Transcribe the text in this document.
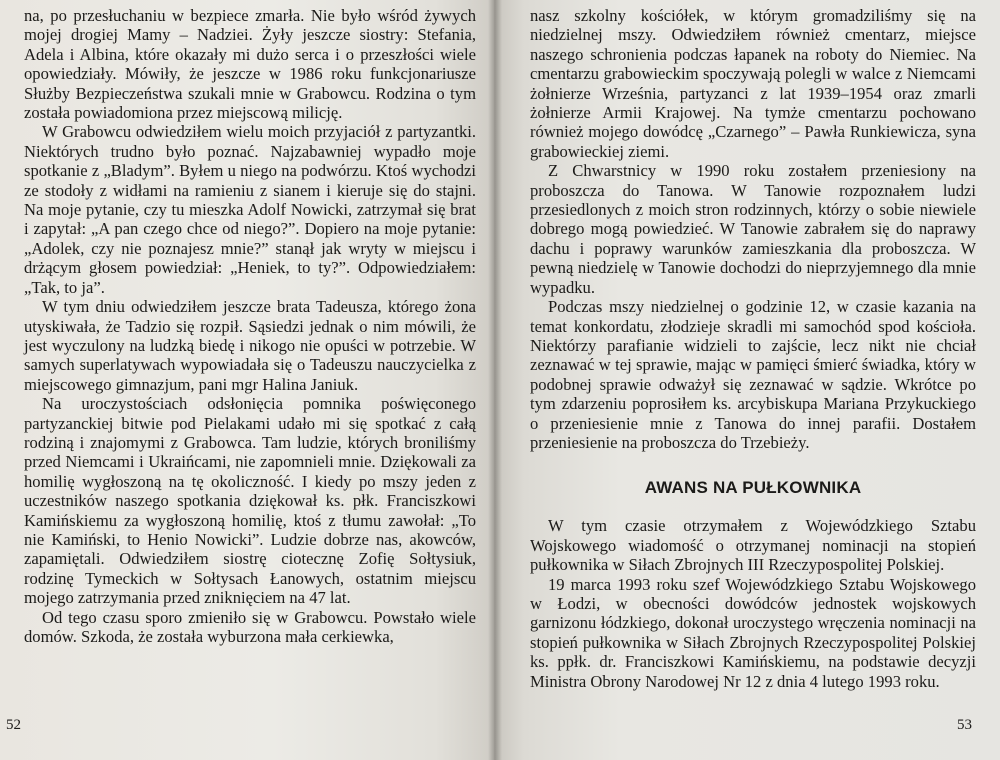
na, po przesłuchaniu w bezpiece zmarła. Nie było wśród żywych mojej drogiej Mamy – Nadziei. Żyły jeszcze siostry: Stefania, Adela i Albina, które okazały mi dużo serca i o przeszłości wiele opowiedziały. Mówiły, że jeszcze w 1986 roku funkcjonariusze Służby Bezpieczeństwa szukali mnie w Grabowcu. Rodzina o tym została powiadomiona przez miejscową milicję.

W Grabowcu odwiedziłem wielu moich przyjaciół z partyzantki. Niektórych trudno było poznać. Najzabawniej wypadło moje spotkanie z „Bladym”. Byłem u niego na podwórzu. Ktoś wychodzi ze stodoły z widłami na ramieniu z sianem i kieruje się do stajni. Na moje pytanie, czy tu mieszka Adolf Nowicki, zatrzymał się brat i zapytał: „A pan czego chce od niego?”. Dopiero na moje pytanie: „Adolek, czy nie poznajesz mnie?” stanął jak wryty w miejscu i drżącym głosem powiedział: „Heniek, to ty?”. Odpowiedziałem: „Tak, to ja”.

W tym dniu odwiedziłem jeszcze brata Tadeusza, którego żona utyskiwała, że Tadzio się rozpił. Sąsiedzi jednak o nim mówili, że jest wyczulony na ludzką biedę i nikogo nie opuści w potrzebie. W samych superlatywach wypowiadała się o Tadeuszu nauczycielka z miejscowego gimnazjum, pani mgr Halina Janiuk.

Na uroczystościach odsłonięcia pomnika poświęconego partyzanckiej bitwie pod Pielakami udało mi się spotkać z całą rodziną i znajomymi z Grabowca. Tam ludzie, których broniliśmy przed Niemcami i Ukraińcami, nie zapomnieli mnie. Dziękowali za homilię wygłoszoną na tę okoliczność. I kiedy po mszy jeden z uczestników naszego spotkania dziękował ks. płk. Franciszkowi Kamińskiemu za wygłoszoną homilię, ktoś z tłumu zawołał: „To nie Kamiński, to Henio Nowicki”. Ludzie dobrze nas, akowców, zapamiętali. Odwiedziłem siostrę ciotecznę Zofię Sołtysiuk, rodzinę Tymeckich w Sołtysach Łanowych, ostatnim miejscu mojego zatrzymania przed zniknięciem na 47 lat.

Od tego czasu sporo zmieniło się w Grabowcu. Powstało wiele domów. Szkoda, że została wyburzona mała cerkiewka,

52

nasz szkolny kościółek, w którym gromadziliśmy się na niedzielnej mszy. Odwiedziłem również cmentarz, miejsce naszego schronienia podczas łapanek na roboty do Niemiec. Na cmentarzu grabowieckim spoczywają polegli w walce z Niemcami żołnierze Września, partyzanci z lat 1939–1954 oraz zmarli żołnierze Armii Krajowej. Na tymże cmentarzu pochowano również mojego dowódcę „Czarnego” – Pawła Runkiewicza, syna grabowieckiej ziemi.

Z Chwarstnicy w 1990 roku zostałem przeniesiony na proboszcza do Tanowa. W Tanowie rozpoznałem ludzi przesiedlonych z moich stron rodzinnych, którzy o sobie niewiele dobrego mogą powiedzieć. W Tanowie zabrałem się do naprawy dachu i poprawy warunków zamieszkania dla proboszcza. W pewną niedzielę w Tanowie dochodzi do nieprzyjemnego dla mnie wypadku.

Podczas mszy niedzielnej o godzinie 12, w czasie kazania na temat konkordatu, złodzieje skradli mi samochód spod kościoła. Niektórzy parafianie widzieli to zajście, lecz nikt nie chciał zeznawać w tej sprawie, mając w pamięci śmierć świadka, który w podobnej sprawie odważył się zeznawać w sądzie. Wkrótce po tym zdarzeniu poprosiłem ks. arcybiskupa Mariana Przykuckiego o przeniesienie mnie z Tanowa do innej parafii. Dostałem przeniesienie na proboszcza do Trzebieży.

AWANS NA PUŁKOWNIKA

W tym czasie otrzymałem z Wojewódzkiego Sztabu Wojskowego wiadomość o otrzymanej nominacji na stopień pułkownika w Siłach Zbrojnych III Rzeczypospolitej Polskiej.

19 marca 1993 roku szef Wojewódzkiego Sztabu Wojskowego w Łodzi, w obecności dowódców jednostek wojskowych garnizonu łódzkiego, dokonał uroczystego wręczenia nominacji na stopień pułkownika w Siłach Zbrojnych Rzeczypospolitej Polskiej ks. ppłk. dr. Franciszkowi Kamińskiemu, na podstawie decyzji Ministra Obrony Narodowej Nr 12 z dnia 4 lutego 1993 roku.

53
